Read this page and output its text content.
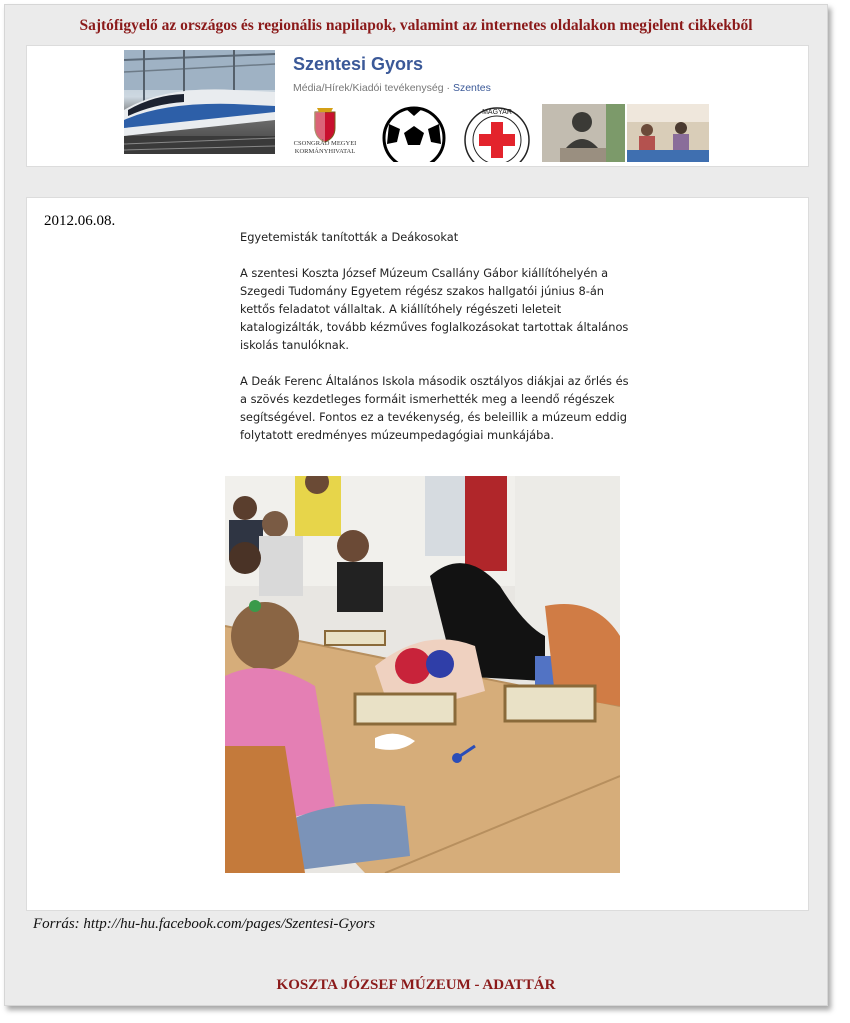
Sajtófigyelő az országos és regionális napilapok, valamint az internetes oldalakon megjelent cikkekből
Szentesi Gyors
Média/Hírek/Kiadói tevékenység · Szentes
CSONGRÁD MEGYEI
KORMÁNYHIVATAL
MAGYAR
2012.06.08.

Egyetemisták tanították a Deákosokat

A szentesi Koszta József Múzeum Csallány Gábor kiállítóhelyén a Szegedi Tudomány Egyetem régész szakos hallgatói június 8-án kettős feladatot vállaltak. A kiállítóhely régészeti leleteit katalogizálták, tovább kézműves foglalkozásokat tartottak általános iskolás tanulóknak.

A Deák Ferenc Általános Iskola második osztályos diákjai az őrlés és a szövés kezdetleges formáit ismerhették meg a leendő régészek segítségével. Fontos ez a tevékenység, és beleillik a múzeum eddig folytatott eredményes múzeumpedagógiai munkájába.

Forrás: http://hu-hu.facebook.com/pages/Szentesi-Gyors
KOSZTA JÓZSEF MÚZEUM - ADATTÁR
